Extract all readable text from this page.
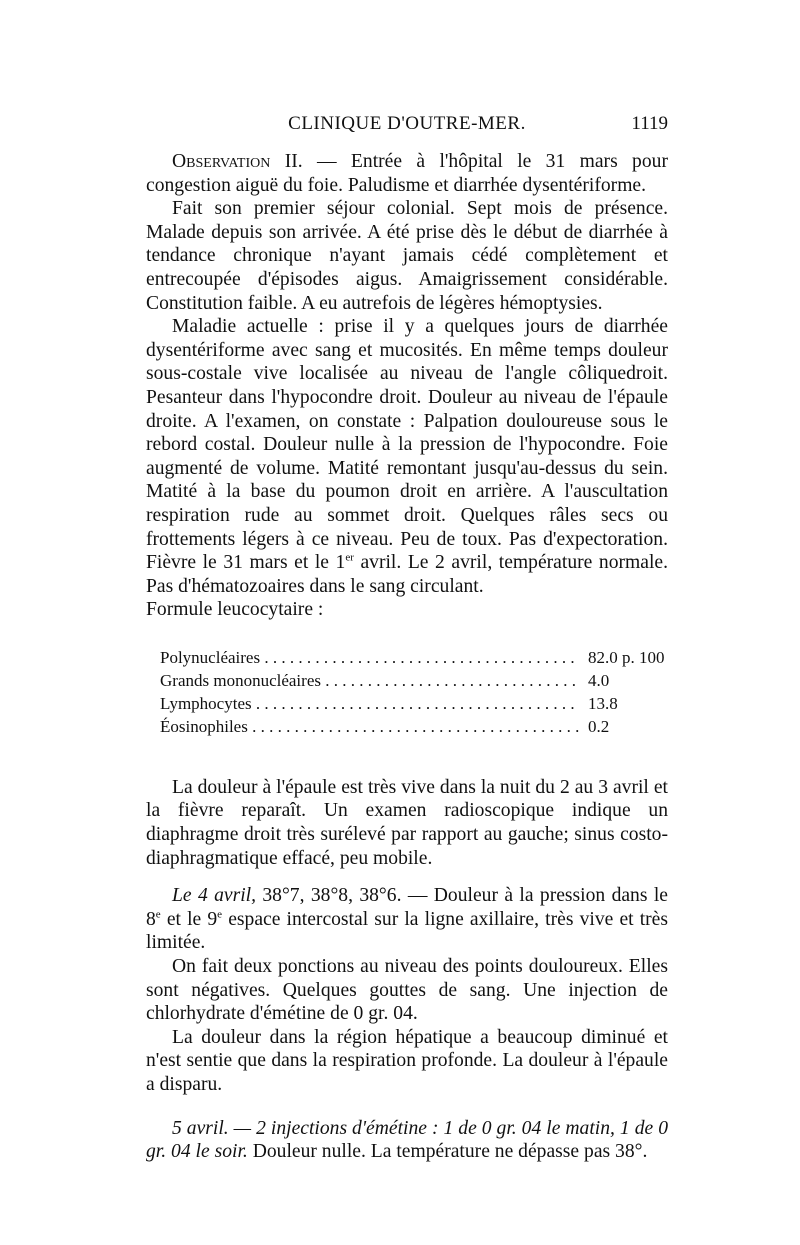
CLINIQUE D'OUTRE-MER.	1119

Observation II. — Entrée à l'hôpital le 31 mars pour congestion aiguë du foie. Paludisme et diarrhée dysentériforme.

Fait son premier séjour colonial. Sept mois de présence. Malade depuis son arrivée. A été prise dès le début de diarrhée à tendance chronique n'ayant jamais cédé complètement et entrecoupée d'épisodes aigus. Amaigrissement considérable. Constitution faible. A eu autrefois de légères hémoptysies.

Maladie actuelle : prise il y a quelques jours de diarrhée dysentériforme avec sang et mucosités. En même temps douleur sous-costale vive localisée au niveau de l'angle côliquedroit. Pesanteur dans l'hypocondre droit. Douleur au niveau de l'épaule droite. A l'examen, on constate : Palpation douloureuse sous le rebord costal. Douleur nulle à la pression de l'hypocondre. Foie augmenté de volume. Matité remontant jusqu'au-dessus du sein. Matité à la base du poumon droit en arrière. A l'auscultation respiration rude au sommet droit. Quelques râles secs ou frottements légers à ce niveau. Peu de toux. Pas d'expectoration. Fièvre le 31 mars et le 1er avril. Le 2 avril, température normale. Pas d'hématozoaires dans le sang circulant.

Formule leucocytaire :

Polynucléaires . . .	82.0 p. 100

Grands mononucléaires . . .	4.0

Lymphocytes . . .	13.8

Éosinophiles . . .	0.2

La douleur à l'épaule est très vive dans la nuit du 2 au 3 avril et la fièvre reparaît. Un examen radioscopique indique un diaphragme droit très surélevé par rapport au gauche; sinus costo-diaphragmatique effacé, peu mobile.

Le 4 avril, 38°7, 38°8, 38°6. — Douleur à la pression dans le 8e et le 9e espace intercostal sur la ligne axillaire, très vive et très limitée.

On fait deux ponctions au niveau des points douloureux. Elles sont négatives. Quelques gouttes de sang. Une injection de chlorhydrate d'émétine de 0 gr. 04.

La douleur dans la région hépatique a beaucoup diminué et n'est sentie que dans la respiration profonde. La douleur à l'épaule a disparu.

5 avril. — 2 injections d'émétine : 1 de 0 gr. 04 le matin, 1 de 0 gr. 04 le soir. Douleur nulle. La température ne dépasse pas 38°.
